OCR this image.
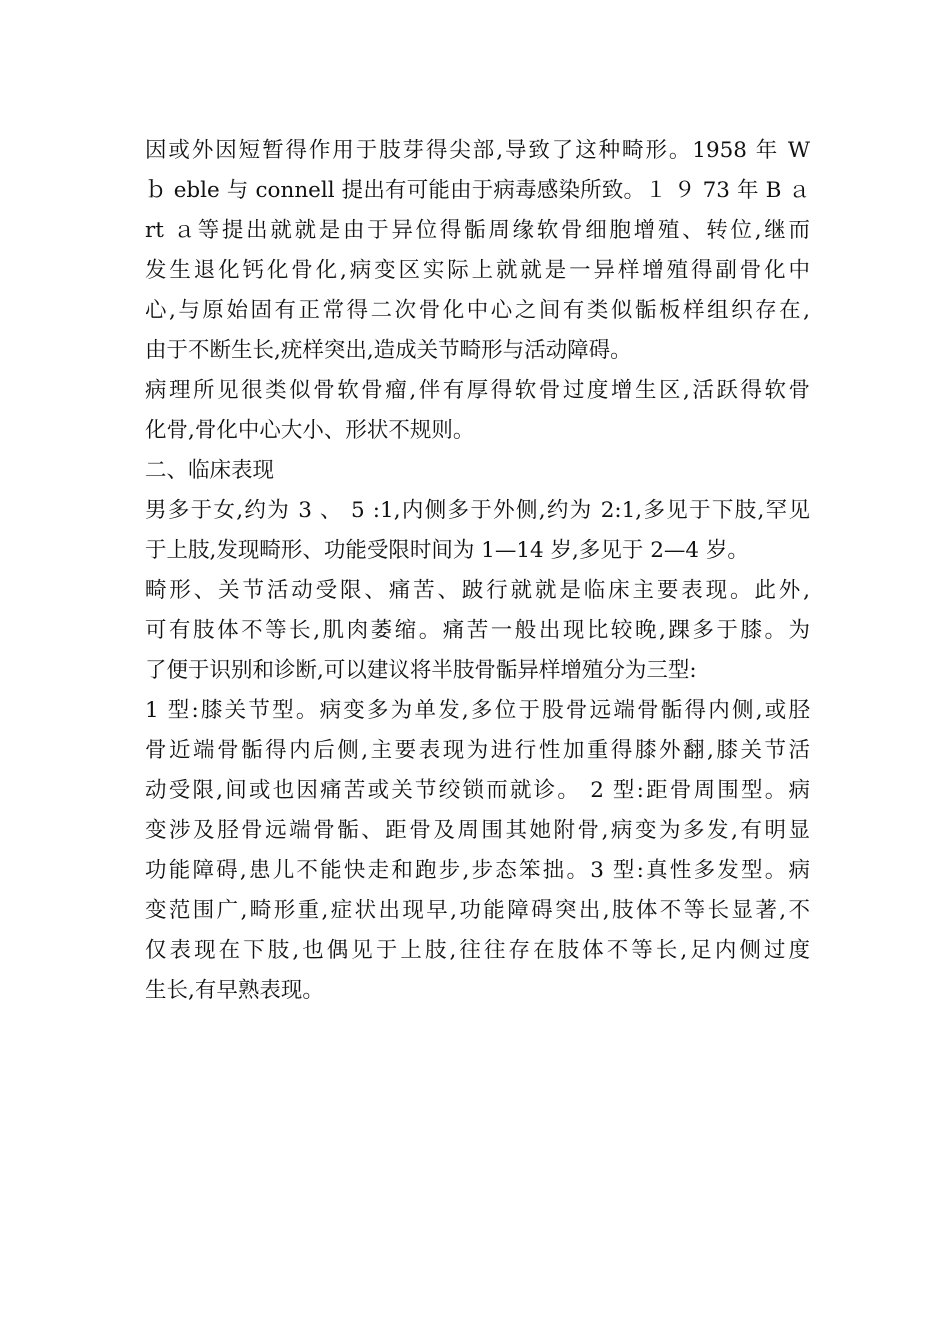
因或外因短暂得作用于肢芽得尖部,导致了这种畸形。1958 年 W
ｂ eble 与 connell 提出有可能由于病毒感染所致。１ ９ 73 年 B ａ
rt ａ等提出就就是由于异位得骺周缘软骨细胞增殖、转位,继而
发生退化钙化骨化,病变区实际上就就是一异样增殖得副骨化中
心,与原始固有正常得二次骨化中心之间有类似骺板样组织存在,
由于不断生长,疣样突出,造成关节畸形与活动障碍。
病理所见很类似骨软骨瘤,伴有厚得软骨过度增生区,活跃得软骨
化骨,骨化中心大小、形状不规则。
二、临床表现
男多于女,约为 3 、 5 :1,内侧多于外侧,约为 2:1,多见于下肢,罕见
于上肢,发现畸形、功能受限时间为 1—14 岁,多见于 2—4 岁。
畸形、关节活动受限、痛苦、跛行就就是临床主要表现。此外,
可有肢体不等长,肌肉萎缩。痛苦一般出现比较晚,踝多于膝。为
了便于识别和诊断,可以建议将半肢骨骺异样增殖分为三型:
1 型:膝关节型。病变多为单发,多位于股骨远端骨骺得内侧,或胫
骨近端骨骺得内后侧,主要表现为进行性加重得膝外翻,膝关节活
动受限,间或也因痛苦或关节绞锁而就诊。 2 型:距骨周围型。病
变涉及胫骨远端骨骺、距骨及周围其她附骨,病变为多发,有明显
功能障碍,患儿不能快走和跑步,步态笨拙。3 型:真性多发型。病
变范围广,畸形重,症状出现早,功能障碍突出,肢体不等长显著,不
仅表现在下肢,也偶见于上肢,往往存在肢体不等长,足内侧过度
生长,有早熟表现。
